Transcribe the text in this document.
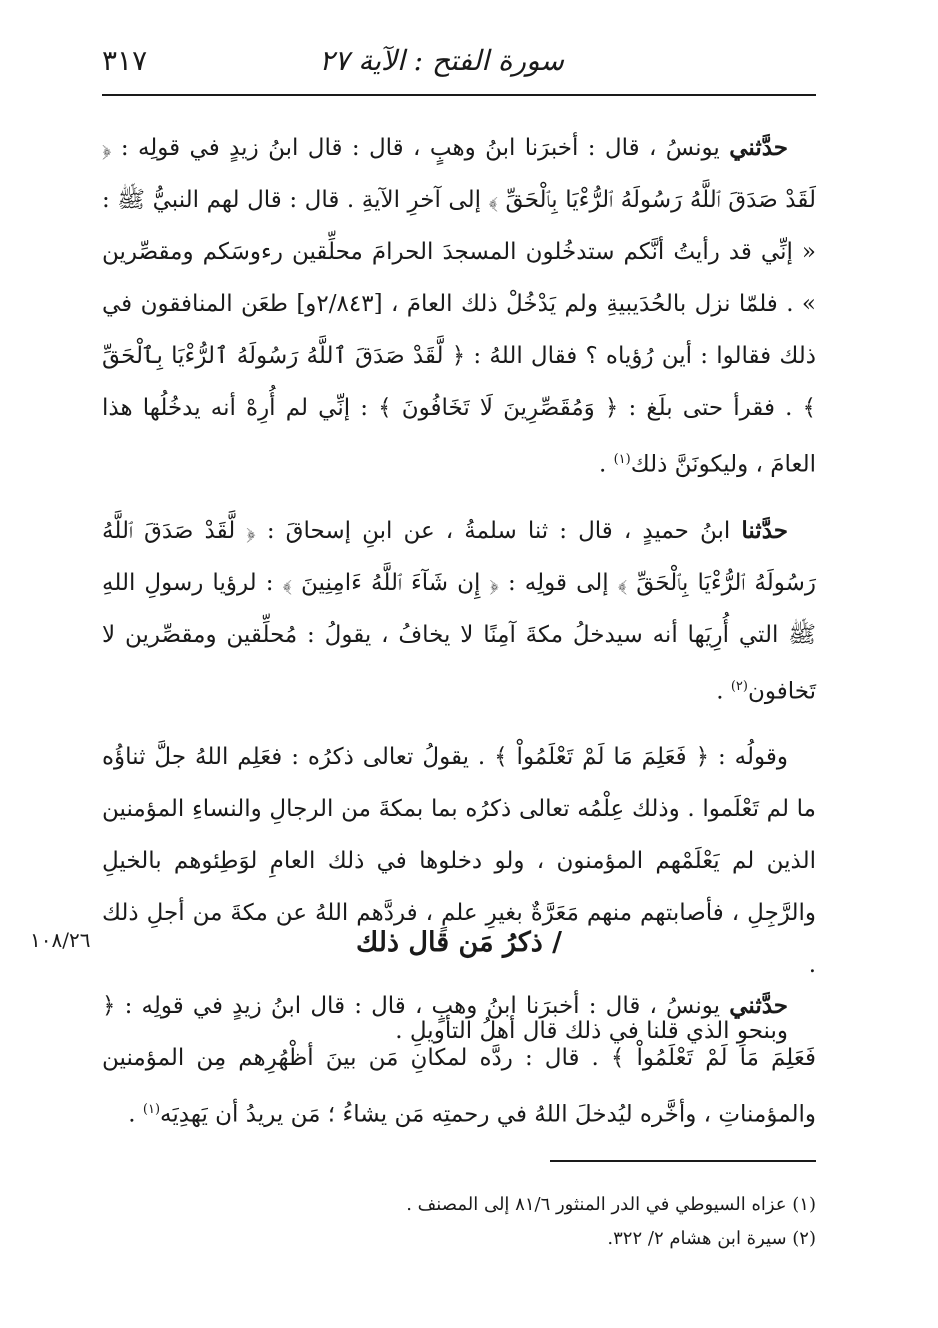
سورة الفتح : الآية ٢٧
٣١٧

حدَّثني يونسُ ، قال : أخبرَنا ابنُ وهبٍ ، قال : قال ابنُ زيدٍ في قولِه : ﴿ لَقَدْ صَدَقَ ٱللَّهُ رَسُولَهُ ٱلرُّءْيَا بِٱلْحَقِّ ﴾ إلى آخرِ الآيةِ . قال : قال لهم النبيُّ ﷺ : « إنِّي قد رأيتُ أنَّكم ستدخُلون المسجدَ الحرامَ محلِّقين رءوسَكم ومقصِّرين » . فلمّا نزل بالحُدَيبيةِ ولم يَدْخُلْ ذلك العامَ ، [٢/٨٤٣و] طعَن المنافقون في ذلك فقالوا : أين رُؤياه ؟ فقال اللهُ : ﴿ لَّقَدْ صَدَقَ ٱللَّهُ رَسُولَهُ ٱلرُّءْيَا بِٱلْحَقِّ ﴾ . فقرأ حتى بلَغ : ﴿ وَمُقَصِّرِينَ لَا تَخَافُونَ ﴾ : إنِّي لم أُرِهْ أنه يدخُلُها هذا العامَ ، وليكونَنَّ ذلك$^{(١)}$ .

حدَّثنا ابنُ حميدٍ ، قال : ثنا سلمةُ ، عن ابنِ إسحاقَ : ﴿ لَّقَدْ صَدَقَ ٱللَّهُ رَسُولَهُ ٱلرُّءْيَا بِٱلْحَقِّ ﴾ إلى قولِه : ﴿ إِن شَآءَ ٱللَّهُ ءَامِنِينَ ﴾ : لرؤيا رسولِ اللهِ ﷺ التي أُرِيَها أنه سيدخلُ مكةَ آمِنًا لا يخافُ ، يقولُ : مُحلِّقين ومقصِّرين لا تَخافون$^{(٢)}$ .

وقولُه : ﴿ فَعَلِمَ مَا لَمْ تَعْلَمُواْ ﴾ . يقولُ تعالى ذكرُه : فعَلِم اللهُ جلَّ ثناؤُه ما لم تَعْلَموا . وذلك عِلْمُه تعالى ذكرُه بما بمكةَ من الرجالِ والنساءِ المؤمنين الذين لم يَعْلَمْهم المؤمنون ، ولو دخلوها في ذلك العامِ لوَطِئوهم بالخيلِ والرَّجِلِ ، فأصابتهم منهم مَعَرَّةٌ بغيرِ علمٍ ، فردَّهم اللهُ عن مكةَ من أجلِ ذلك .

وبنحوِ الذي قلنا في ذلك قال أهلُ التأويلِ .

/ ذكرُ مَن قال ذلك
١٠٨/٢٦

حدَّثني يونسُ ، قال : أخبرَنا ابنُ وهبٍ ، قال : قال ابنُ زيدٍ في قولِه : ﴿ فَعَلِمَ مَا لَمْ تَعْلَمُواْ ﴾ . قال : ردَّه لمكانِ مَن بينَ أظْهُرِهم مِن المؤمنين والمؤمناتِ ، وأخَّره ليُدخلَ اللهُ في رحمتِه مَن يشاءُ ؛ مَن يريدُ أن يَهدِيَه$^{(١)}$ .

(١) عزاه السيوطي في الدر المنثور ٨١/٦ إلى المصنف .
(٢) سيرة ابن هشام ٢/ ٣٢٢.
